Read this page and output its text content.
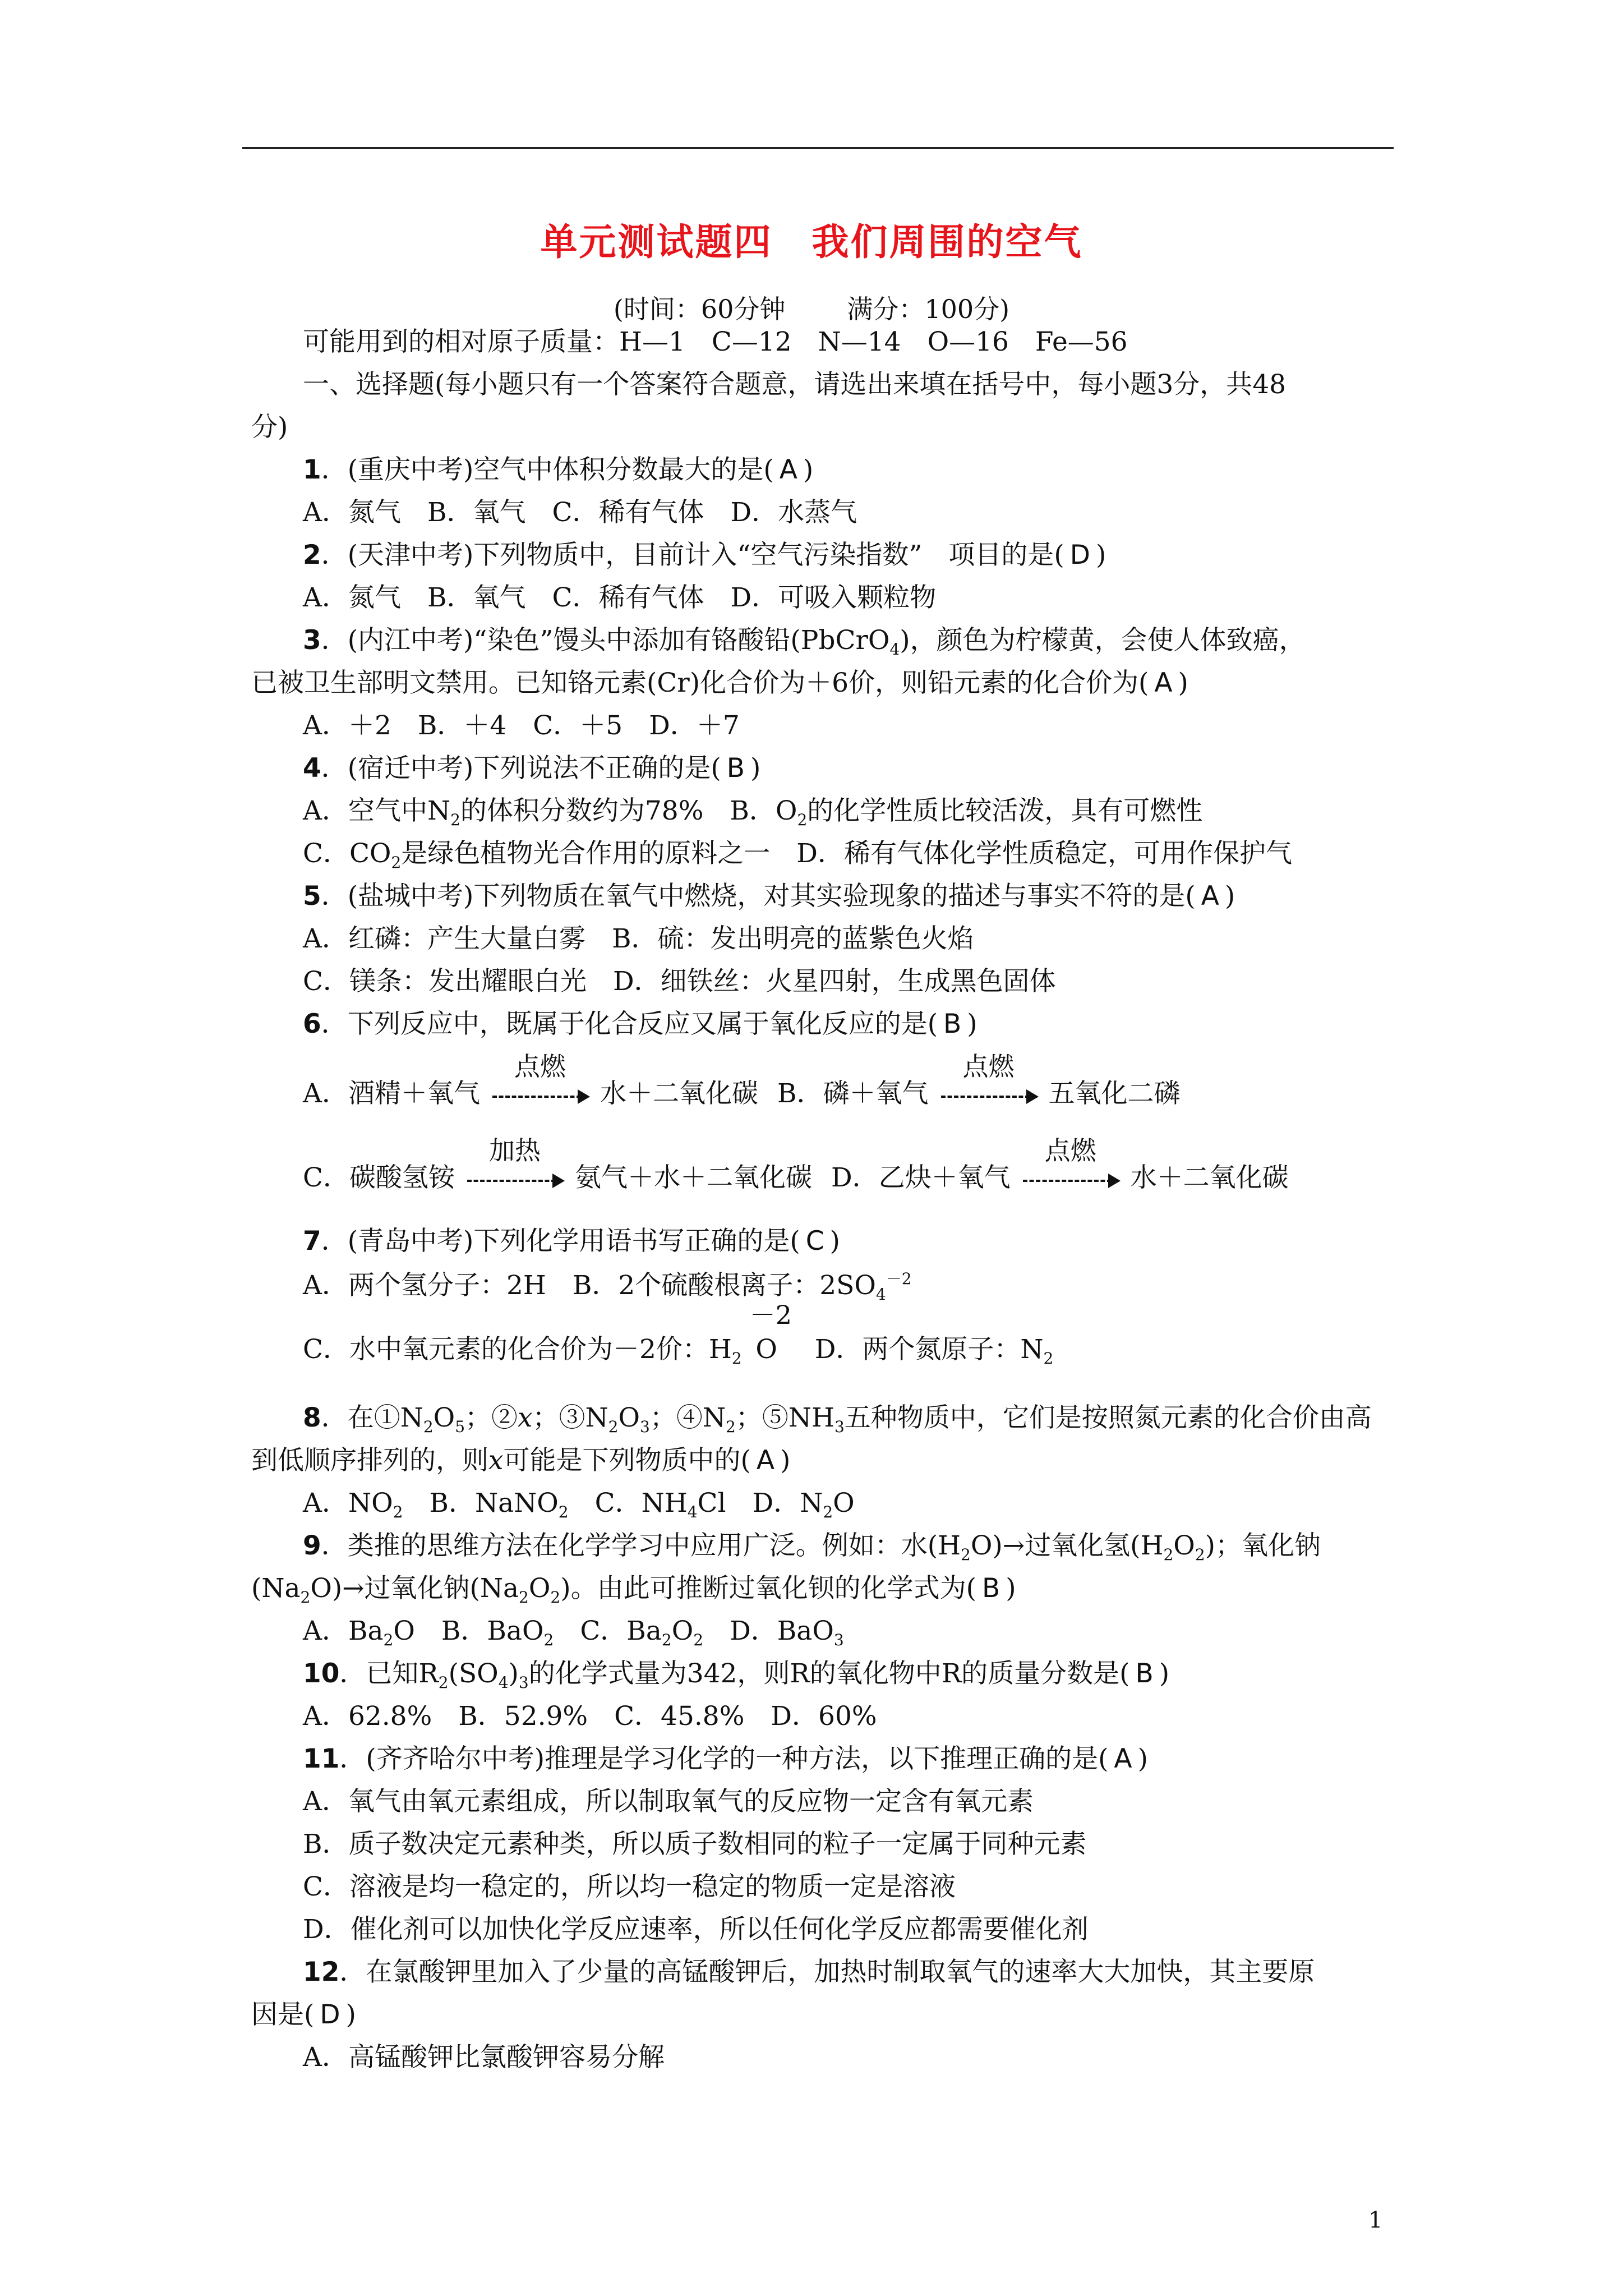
单元测试题四 我们周围的空气
(时间：60分钟 满分：100分)
可能用到的相对原子质量：H—1　C—12　N—14　O—16　Fe—56
一、选择题(每小题只有一个答案符合题意，请选出来填在括号中，每小题3分，共48
分)
1．(重庆中考)空气中体积分数最大的是( A )
A．氮气　B．氧气　C．稀有气体　D．水蒸气
2．(天津中考)下列物质中，目前计入“空气污染指数”　项目的是( D )
A．氮气　B．氧气　C．稀有气体　D．可吸入颗粒物
3．(内江中考)“染色”馒头中添加有铬酸铅(PbCrO$_4$)，颜色为柠檬黄，会使人体致癌，
已被卫生部明文禁用。已知铬元素(Cr)化合价为＋6价，则铅元素的化合价为( A )
A．＋2　B．＋4　C．＋5　D．＋7
4．(宿迁中考)下列说法不正确的是( B )
A．空气中$N_2$的体积分数约为78%　B．$O_2$的化学性质比较活泼，具有可燃性
C．$CO_2$是绿色植物光合作用的原料之一　D．稀有气体化学性质稳定，可用作保护气
5．(盐城中考)下列物质在氧气中燃烧，对其实验现象的描述与事实不符的是( A )
A．红磷：产生大量白雾　B．硫：发出明亮的蓝紫色火焰
C．镁条：发出耀眼白光　D．细铁丝：火星四射，生成黑色固体
6．下列反应中，既属于化合反应又属于氧化反应的是( B )
A．酒精＋氧气
点燃
水＋二氧化碳 B．磷＋氧气
点燃
五氧化二磷
C．碳酸氢铵
加热
氨气＋水＋二氧化碳 D．乙炔＋氧气
点燃
水＋二氧化碳
7．(青岛中考)下列化学用语书写正确的是( C )
A．两个氢分子：2H　B．2个硫酸根离子：$2SO_4^{-2}$
C．水中氧元素的化合价为－2价：$H_2$
－2
O D．两个氮原子：$N_2$
8．在$①N_2O_5$；②x；$③N_2O_3$；$④N_2$；$⑤NH_3$五种物质中，它们是按照氮元素的化合价由高
到低顺序排列的，则x可能是下列物质中的( A )
A．$NO_2$　B．NaNO$_2$　C．$NH_4Cl$　D．$N_2O$
9．类推的思维方法在化学学习中应用广泛。例如：水$(H_2O)\to$过氧化氢$(H_2O_2)$；氧化钠
$(Na_2O)\to$过氧化钠$(Na_2O_2)$。由此可推断过氧化钡的化学式为( B )
A．$Ba_2O$　B．BaO$_2$　C．$Ba_2O_2$　D．BaO$_3$
10．已知$R_2(SO_4)_3$的化学式量为342，则R的氧化物中R的质量分数是( B )
A．62.8%　B．52.9%　C．45.8%　D．60%
11．(齐齐哈尔中考)推理是学习化学的一种方法，以下推理正确的是( A )
A．氧气由氧元素组成，所以制取氧气的反应物一定含有氧元素
B．质子数决定元素种类，所以质子数相同的粒子一定属于同种元素
C．溶液是均一稳定的，所以均一稳定的物质一定是溶液
D．催化剂可以加快化学反应速率，所以任何化学反应都需要催化剂
12．在氯酸钾里加入了少量的高锰酸钾后，加热时制取氧气的速率大大加快，其主要原
因是( D )
A．高锰酸钾比氯酸钾容易分解
1
